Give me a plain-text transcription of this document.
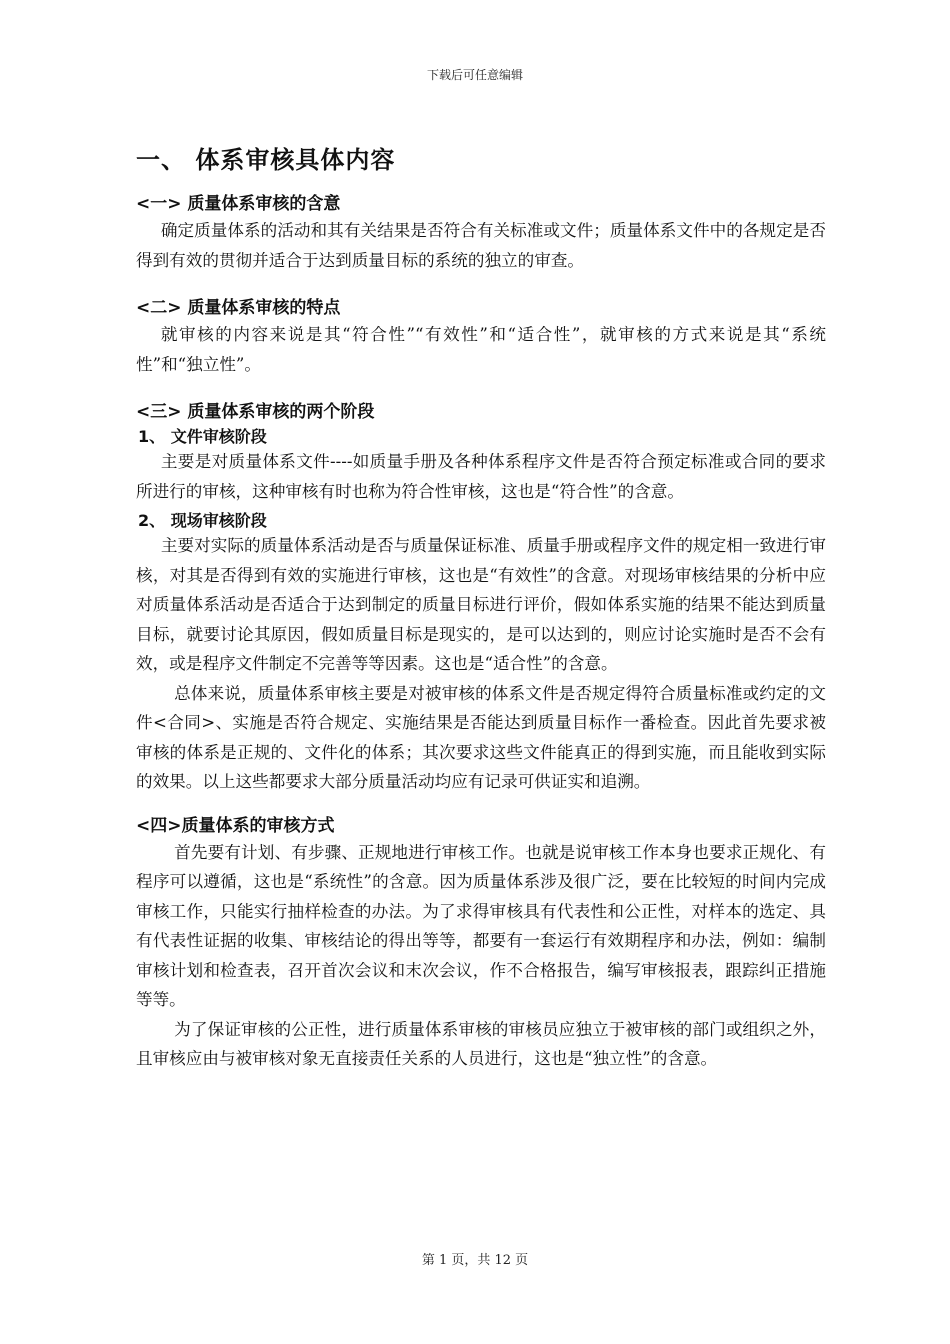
下载后可任意编辑
一、 体系审核具体内容
<一> 质量体系审核的含意

确定质量体系的活动和其有关结果是否符合有关标准或文件；质量体系文件中的各规定是否得到有效的贯彻并适合于达到质量目标的系统的独立的审查。

<二> 质量体系审核的特点

就审核的内容来说是其“符合性”“有效性”和“适合性”，就审核的方式来说是其“系统性”和“独立性”。

<三> 质量体系审核的两个阶段
1、 文件审核阶段

主要是对质量体系文件----如质量手册及各种体系程序文件是否符合预定标准或合同的要求所进行的审核，这种审核有时也称为符合性审核，这也是“符合性”的含意。

2、 现场审核阶段

主要对实际的质量体系活动是否与质量保证标准、质量手册或程序文件的规定相一致进行审核，对其是否得到有效的实施进行审核，这也是“有效性”的含意。对现场审核结果的分析中应对质量体系活动是否适合于达到制定的质量目标进行评价，假如体系实施的结果不能达到质量目标，就要讨论其原因，假如质量目标是现实的，是可以达到的，则应讨论实施时是否不会有效，或是程序文件制定不完善等等因素。这也是“适合性”的含意。

总体来说，质量体系审核主要是对被审核的体系文件是否规定得符合质量标准或约定的文件<合同>、实施是否符合规定、实施结果是否能达到质量目标作一番检查。因此首先要求被审核的体系是正规的、文件化的体系；其次要求这些文件能真正的得到实施，而且能收到实际的效果。以上这些都要求大部分质量活动均应有记录可供证实和追溯。

<四>质量体系的审核方式

首先要有计划、有步骤、正规地进行审核工作。也就是说审核工作本身也要求正规化、有程序可以遵循，这也是“系统性”的含意。因为质量体系涉及很广泛，要在比较短的时间内完成审核工作，只能实行抽样检查的办法。为了求得审核具有代表性和公正性，对样本的选定、具有代表性证据的收集、审核结论的得出等等，都要有一套运行有效期程序和办法，例如：编制审核计划和检查表，召开首次会议和末次会议，作不合格报告，编写审核报表，跟踪纠正措施等等。

为了保证审核的公正性，进行质量体系审核的审核员应独立于被审核的部门或组织之外，且审核应由与被审核对象无直接责任关系的人员进行，这也是“独立性”的含意。

第 1 页，共 12 页
